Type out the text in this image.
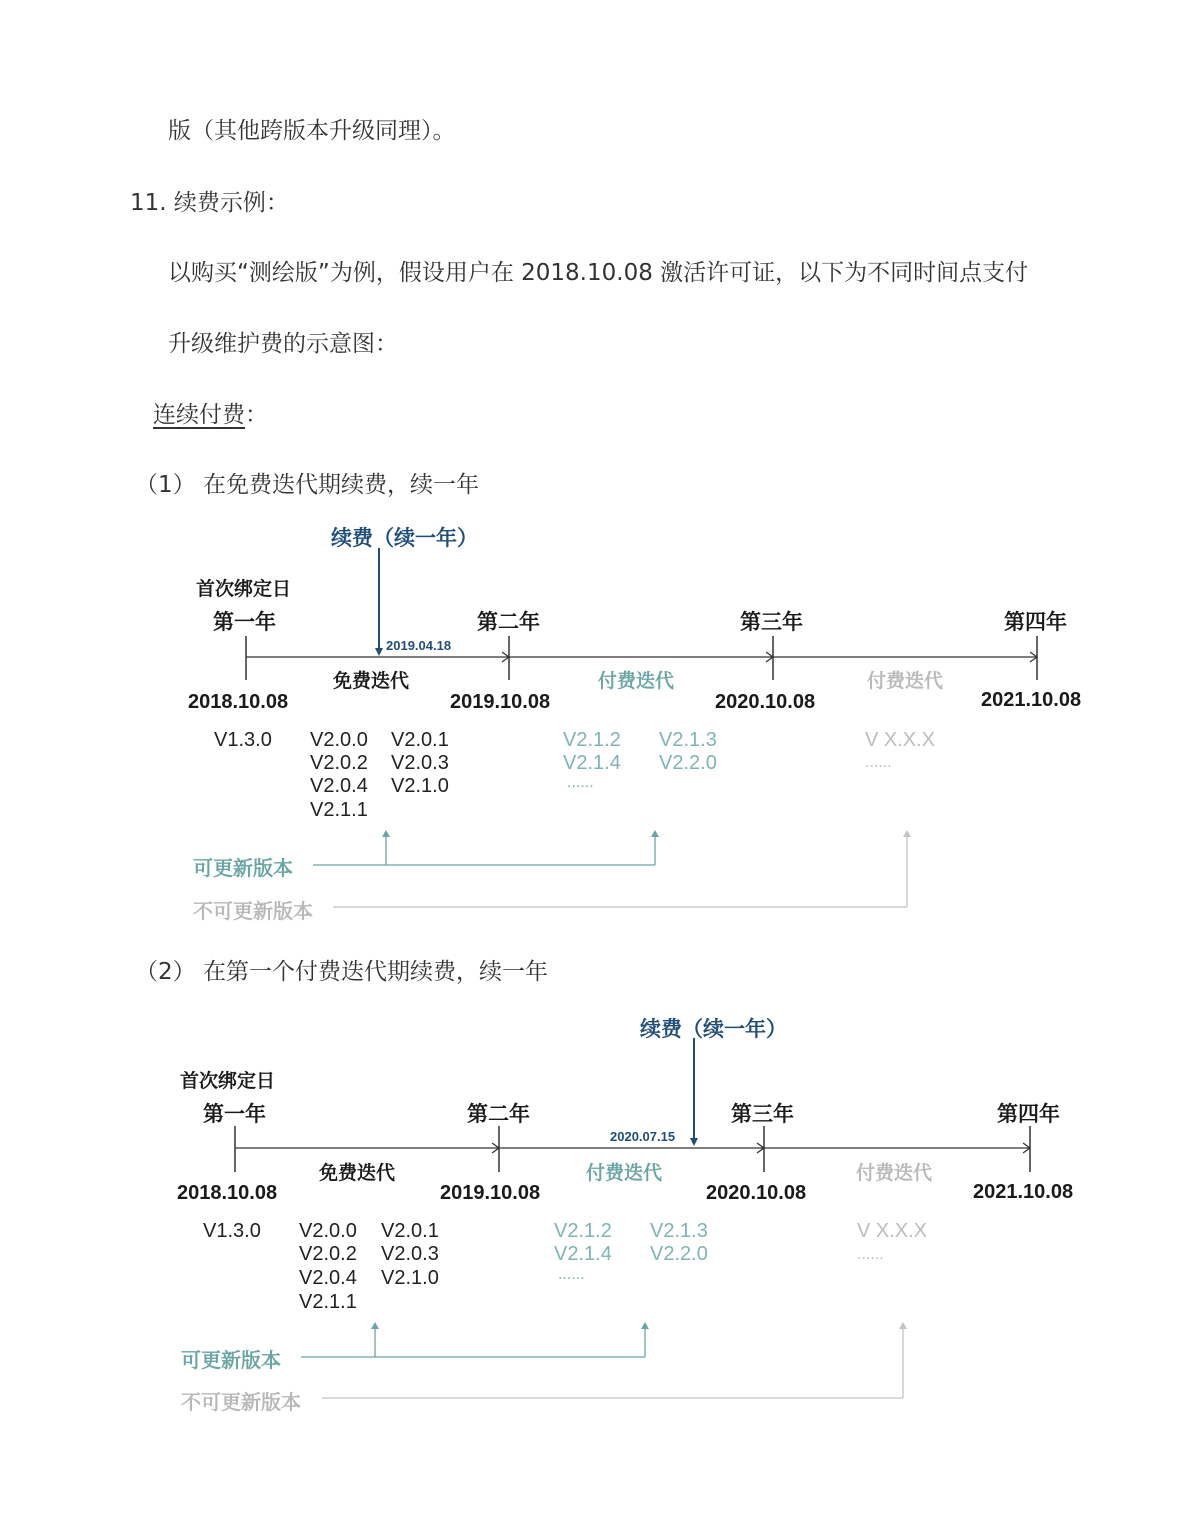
版（其他跨版本升级同理）。
11. 续费示例：
以购买“测绘版”为例，假设用户在 2018.10.08 激活许可证，以下为不同时间点支付
升级维护费的示意图：
连续付费：
（1） 在免费迭代期续费，续一年
（2） 在第一个付费迭代期续费，续一年
续费（续一年）
2019.04.18
首次绑定日
第一年	第二年	第三年	第四年
免费迭代	付费迭代	付费迭代
2018.10.08	2019.10.08	2020.10.08	2021.10.08
V1.3.0 V2.0.0 V2.0.1
V2.0.2 V2.0.3
V2.0.4 V2.1.0
V2.1.1
V2.1.2 V2.1.3
V2.1.4 V2.2.0
......
V X.X.X
......
可更新版本
不可更新版本
续费（续一年）
2020.07.15
首次绑定日
第一年	第二年	第三年	第四年
免费迭代	付费迭代	付费迭代
2018.10.08	2019.10.08	2020.10.08	2021.10.08
V1.3.0 V2.0.0 V2.0.1
V2.0.2 V2.0.3
V2.0.4 V2.1.0
V2.1.1
V2.1.2 V2.1.3
V2.1.4 V2.2.0
......
V X.X.X
......
可更新版本
不可更新版本
